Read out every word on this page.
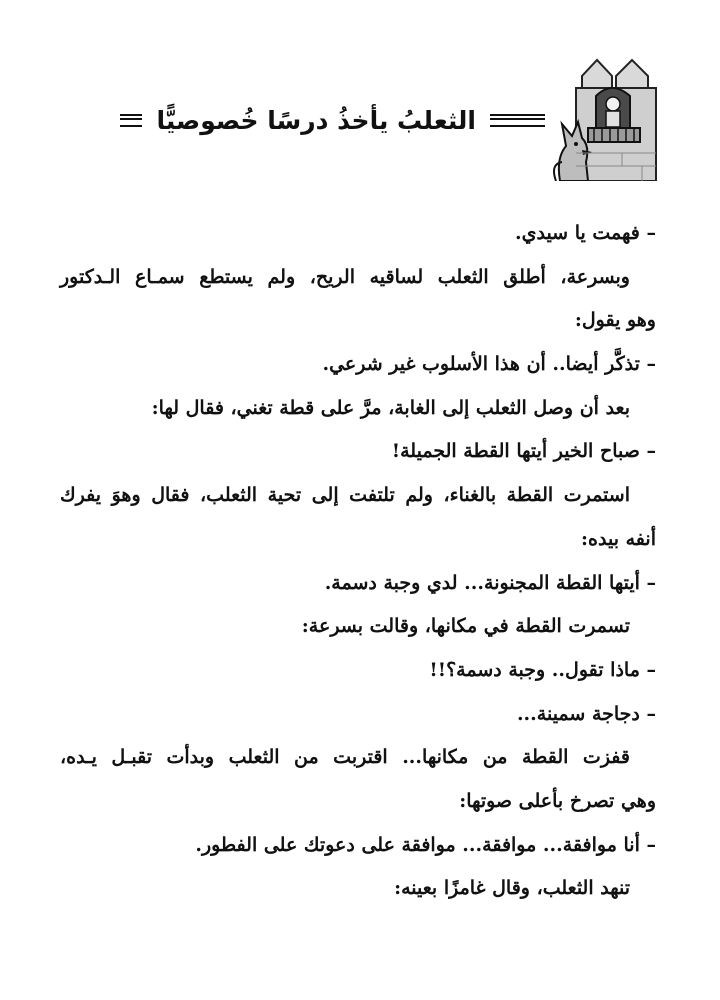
الثعلبُ يأخذُ درسًا خُصوصيًّا
– فهمت يا سيدي.
وبسرعة، أطلق الثعلب لساقيه الريح، ولم يستطع سمـاع الـدكتور
وهو يقول:
– تذكَّر أيضا.. أن هذا الأسلوب غير شرعي.
بعد أن وصل الثعلب إلى الغابة، مرَّ على قطة تغني، فقال لها:
– صباح الخير أيتها القطة الجميلة!
استمرت القطة بالغناء، ولم تلتفت إلى تحية الثعلب، فقال وهوَ يفرك
أنفه بيده:
– أيتها القطة المجنونة... لدي وجبة دسمة.
تسمرت القطة في مكانها، وقالت بسرعة:
– ماذا تقول.. وجبة دسمة؟!!
– دجاجة سمينة...
قفزت القطة من مكانها... اقتربت من الثعلب وبدأت تقبـل يـده،
وهي تصرخ بأعلى صوتها:
– أنا موافقة... موافقة... موافقة على دعوتك على الفطور.
تنهد الثعلب، وقال غامزًا بعينه:
